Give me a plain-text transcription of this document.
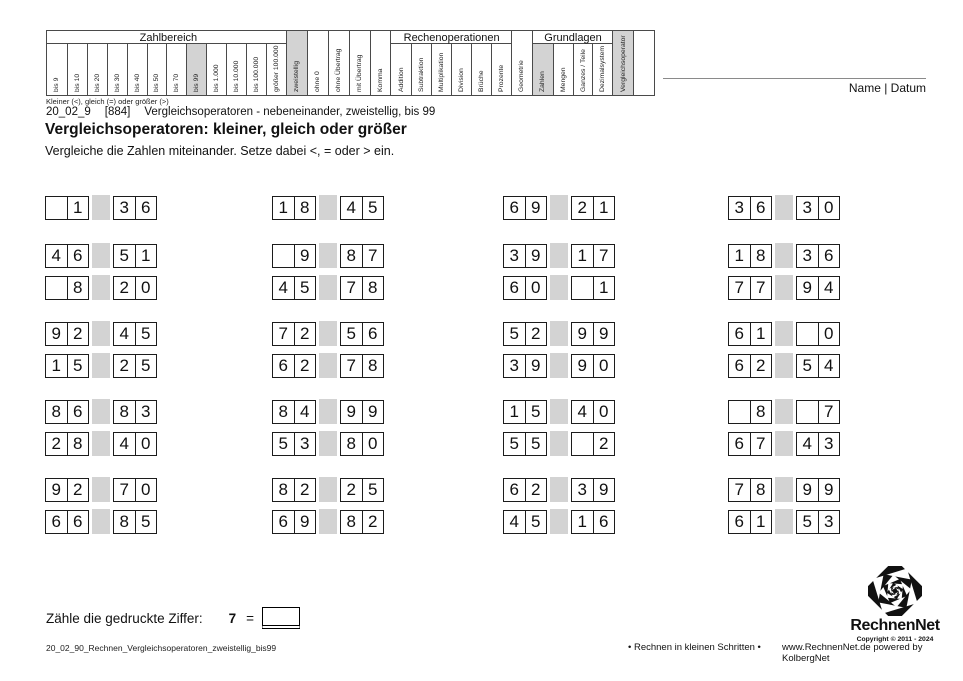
bis 9 bis 10 bis 20 bis 30 bis 40 bis 50 bis 70 bis 99 bis 1.000 bis 10.000 bis 100.000 größer 100.000 zweistellig ohne 0 ohne Übertrag mit Übertrag Komma Addition Subtraktion Multiplikation Division Brüche Prozente Geometrie Zahlen Mengen Ganzes / Teile Dezimalsystem Vergleichsoperator
Zahlbereich	Rechenoperationen	Grundlagen
Name | Datum
Kleiner (<), gleich (=) oder größer (>)
20_02_9 [884] Vergleichsoperatoren - nebeneinander, zweistellig, bis 99
Vergleichsoperatoren: kleiner, gleich oder größer
Vergleiche die Zahlen miteinander. Setze dabei <, = oder > ein.
1	3 6
4 6	5 1
8	2 0
9 2	4 5
1 5	2 5
8 6	8 3
2 8	4 0
9 2	7 0
6 6	8 5
1 8	4 5
9	8 7
4 5	7 8
7 2	5 6
6 2	7 8
8 4	9 9
5 3	8 0
8 2	2 5
6 9	8 2
6 9	2 1
3 9	1 7
6 0	1
5 2	9 9
3 9	9 0
1 5	4 0
5 5	2
6 2	3 9
4 5	1 6
3 6	3 0
1 8	3 6
7 7	9 4
6 1	0
6 2	5 4
8	7
6 7	4 3
7 8	9 9
6 1	5 3
Zähle die gedruckte Ziffer: 7 =
20_02_90_Rechnen_Vergleichsoperatoren_zweistellig_bis99	• Rechnen in kleinen Schritten • www.RechnenNet.de powered by KolbergNet
RechnenNet
Copyright © 2011 - 2024
